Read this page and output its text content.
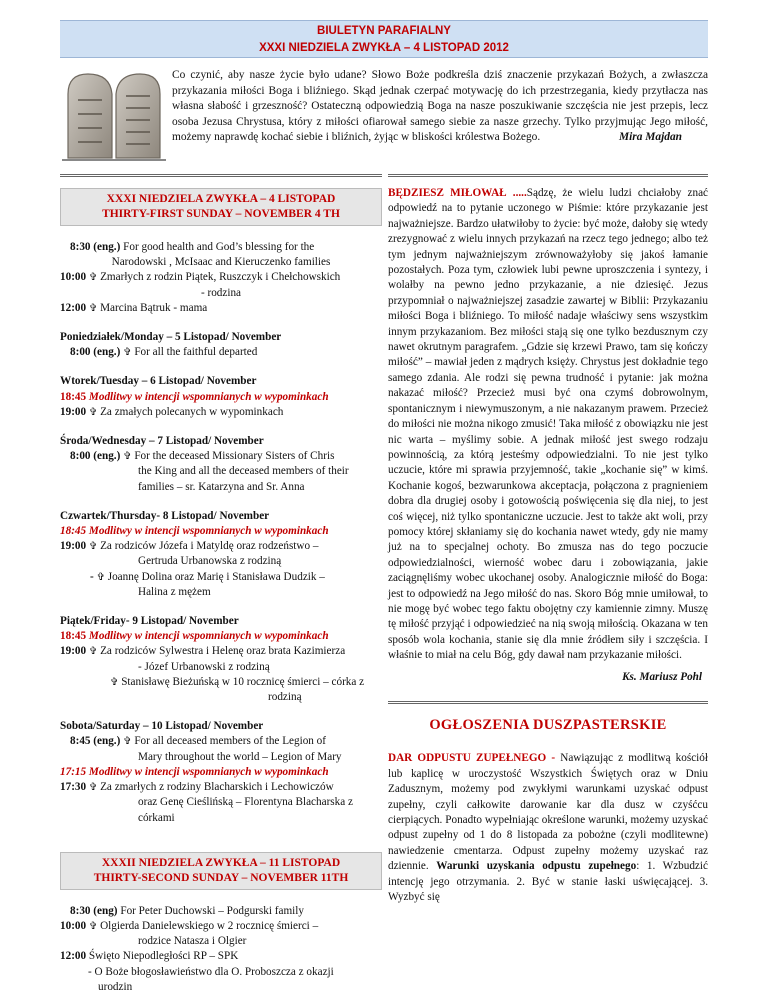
BIULETYN PARAFIALNY
XXXI NIEDZIELA ZWYKŁA – 4 LISTOPAD 2012
Co czynić, aby nasze życie było udane? Słowo Boże podkreśla dziś znaczenie przykazań Bożych, a zwłaszcza przykazania miłości Boga i bliźniego. Skąd jednak czerpać motywację do ich przestrzegania, kiedy przytłacza nas własna słabość i grzeszność? Ostateczną odpowiedzią Boga na nasze poszukiwanie szczęścia nie jest przepis, lecz osoba Jezusa Chrystusa, który z miłości ofiarował samego siebie za nasze grzechy. Tylko przyjmując Jego miłość, możemy naprawdę kochać siebie i bliźnich, żyjąc w bliskości królestwa Bożego.	Mira Majdan
XXXI NIEDZIELA ZWYKŁA – 4 LISTOPAD
THIRTY-FIRST SUNDAY – NOVEMBER 4 TH
8:30 (eng.) For good health and God’s blessing for the
Narodowski , McIsaac and Kieruczenko families
10:00 ✞ Zmarłych z rodzin Piątek, Ruszczyk i Chełchowskich
- rodzina
12:00 ✞ Marcina Bątruk - mama
Poniedziałek/Monday – 5 Listopad/ November
8:00 (eng.) ✞ For all the faithful departed
Wtorek/Tuesday – 6 Listopad/ November
18:45 Modlitwy w intencji wspomnianych w wypominkach
19:00 ✞ Za zmałych polecanych w wypominkach
Środa/Wednesday – 7 Listopad/ November
8:00 (eng.) ✞ For the deceased Missionary Sisters of Chris
the King and all the deceased members of their
families – sr. Katarzyna and Sr. Anna
Czwartek/Thursday- 8 Listopad/ November
18:45 Modlitwy w intencji wspomnianych w wypominkach
19:00 ✞ Za rodziców Józefa i Matyldę oraz rodzeństwo –
Gertruda Urbanowska z rodziną
- ✞ Joannę Dolina oraz Marię i Stanisława Dudzik –
Halina z mężem
Piątek/Friday- 9 Listopad/ November
18:45 Modlitwy w intencji wspomnianych w wypominkach
19:00 ✞ Za rodziców Sylwestra i Helenę oraz brata Kazimierza
- Józef Urbanowski z rodziną
✞ Stanisławę Bieżuńską w 10 rocznicę śmierci – córka z
rodziną
Sobota/Saturday – 10 Listopad/ November
8:45 (eng.) ✞ For all deceased members of the Legion of
Mary throughout the world – Legion of Mary
17:15 Modlitwy w intencji wspomnianych w wypominkach
17:30 ✞ Za zmarłych z rodziny Blacharskich i Lechowiczów
oraz Genę Cieślińską – Florentyna Blacharska z
córkami
XXXII NIEDZIELA ZWYKŁA – 11 LISTOPAD
THIRTY-SECOND SUNDAY – NOVEMBER 11TH
8:30 (eng) For Peter Duchowski – Podgurski family
10:00 ✞ Olgierda Danielewskiego w 2 rocznicę śmierci –
rodzice Natasza i Olgier
12:00 Święto Niepodległości RP – SPK
- O Boże błogosławieństwo dla O. Proboszcza z okazji
urodzin
BĘDZIESZ MIŁOWAŁ .....Sądzę, że wielu ludzi chciałoby znać odpowiedź na to pytanie uczonego w Piśmie: które przykazanie jest najważniejsze. Bardzo ułatwiłoby to życie: być może, dałoby się wtedy zrezygnować z wielu innych przykazań na rzecz tego jednego; albo też tym jednym najważniejszym zrównoważyłoby się jakoś łamanie pozostałych. Poza tym, człowiek lubi pewne uproszczenia i syntezy, i wolałby na pewno jedno przykazanie, a nie dziesięć. Jezus przypomniał o najważniejszej zasadzie zawartej w Biblii: Przykazaniu miłości Boga i bliźniego. To miłość nadaje właściwy sens wszystkim innym przykazaniom. Bez miłości stają się one tylko bezdusznym czy nawet okrutnym paragrafem. „Gdzie się krzewi Prawo, tam się kończy miłość” – mawiał jeden z mądrych księży. Chrystus jest dokładnie tego samego zdania. Ale rodzi się pewna trudność i pytanie: jak można nakazać miłość? Przecież musi być ona czymś dobrowolnym, spontanicznym i niewymuszonym, a nie nakazanym prawem. Przecież do miłości nie można nikogo zmusić! Taka miłość z obowiązku nie jest nic warta – myślimy sobie. A jednak miłość jest swego rodzaju powinnością, za którą jesteśmy odpowiedzialni. To nie jest tylko uczucie, które mi sprawia przyjemność, takie „kochanie się” w kimś. Kochanie kogoś, bezwarunkowa akceptacja, połączona z pragnieniem dobra dla drugiej osoby i gotowością poświęcenia się dla niej, to jest coś więcej, niż tylko spontaniczne uczucie. Jest to także akt woli, przy pomocy której skłaniamy się do kochania nawet wtedy, gdy nie mamy już na to specjalnej ochoty. Bo zmusza nas do tego poczucie odpowiedzialności, wierność wobec daru i zobowiązania, jakie zaciągnęliśmy wobec ukochanej osoby. Analogicznie miłość do Boga: jest to odpowiedź na Jego miłość do nas. Skoro Bóg mnie umiłował, to nie mogę być wobec tego faktu obojętny czy kamiennie zimny. Muszę tę miłość przyjąć i odpowiedzieć na nią swoją miłością. Okazana w ten sposób wola kochania, stanie się dla mnie źródłem siły i szczęścia. I właśnie to miał na celu Bóg, gdy dawał nam przykazanie miłości.
Ks. Mariusz Pohl
OGŁOSZENIA DUSZPASTERSKIE
DAR ODPUSTU ZUPEŁNEGO - Nawiązując z modlitwą kościół lub kaplicę w uroczystość Wszystkich Świętych oraz w Dniu Zadusznym, możemy pod zwykłymi warunkami uzyskać odpust zupełny, czyli całkowite darowanie kar dla dusz w czyśćcu cierpiących. Ponadto wypełniając określone warunki, możemy uzyskać odpust zupełny od 1 do 8 listopada za pobożne (czyli modlitewne) nawiedzenie cmentarza. Odpust zupełny możemy uzyskać raz dziennie. Warunki uzyskania odpustu zupełnego: 1. Wzbudzić intencję jego otrzymania. 2. Być w stanie łaski uświęcającej. 3. Wyzbyć się
